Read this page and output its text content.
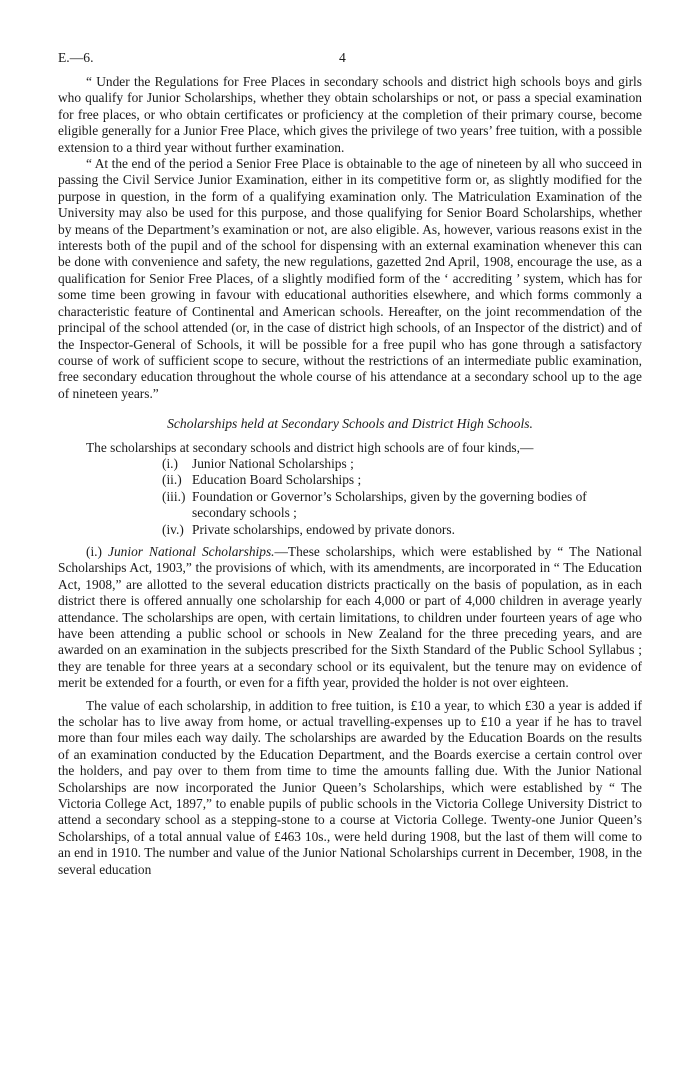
E.—6.	4

“ Under the Regulations for Free Places in secondary schools and district high schools boys and girls who qualify for Junior Scholarships, whether they obtain scholarships or not, or pass a special examination for free places, or who obtain certificates or proficiency at the completion of their primary course, become eligible generally for a Junior Free Place, which gives the privilege of two years’ free tuition, with a possible extension to a third year without further examination.

“ At the end of the period a Senior Free Place is obtainable to the age of nineteen by all who succeed in passing the Civil Service Junior Examination, either in its competitive form or, as slightly modified for the purpose in question, in the form of a qualifying examination only. The Matriculation Examination of the University may also be used for this purpose, and those qualifying for Senior Board Scholarships, whether by means of the Department’s examination or not, are also eligible. As, however, various reasons exist in the interests both of the pupil and of the school for dispensing with an external examination whenever this can be done with convenience and safety, the new regulations, gazetted 2nd April, 1908, encourage the use, as a qualification for Senior Free Places, of a slightly modified form of the ‘ accrediting ’ system, which has for some time been growing in favour with educational authorities elsewhere, and which forms commonly a characteristic feature of Continental and American schools. Hereafter, on the joint recommendation of the principal of the school attended (or, in the case of district high schools, of an Inspector of the district) and of the Inspector-General of Schools, it will be possible for a free pupil who has gone through a satisfactory course of work of sufficient scope to secure, without the restrictions of an intermediate public examination, free secondary education throughout the whole course of his attendance at a secondary school up to the age of nineteen years.”

Scholarships held at Secondary Schools and District High Schools.

The scholarships at secondary schools and district high schools are of four kinds,—

(i.) Junior National Scholarships ;
(ii.) Education Board Scholarships ;
(iii.) Foundation or Governor’s Scholarships, given by the governing bodies of secondary schools ;
(iv.) Private scholarships, endowed by private donors.

(i.) Junior National Scholarships.—These scholarships, which were established by “ The National Scholarships Act, 1903,” the provisions of which, with its amendments, are incorporated in “ The Education Act, 1908,” are allotted to the several education districts practically on the basis of population, as in each district there is offered annually one scholarship for each 4,000 or part of 4,000 children in average yearly attendance. The scholarships are open, with certain limitations, to children under fourteen years of age who have been attending a public school or schools in New Zealand for the three preceding years, and are awarded on an examination in the subjects prescribed for the Sixth Standard of the Public School Syllabus ; they are tenable for three years at a secondary school or its equivalent, but the tenure may on evidence of merit be extended for a fourth, or even for a fifth year, provided the holder is not over eighteen.

The value of each scholarship, in addition to free tuition, is £10 a year, to which £30 a year is added if the scholar has to live away from home, or actual travelling-expenses up to £10 a year if he has to travel more than four miles each way daily. The scholarships are awarded by the Education Boards on the results of an examination conducted by the Education Department, and the Boards exercise a certain control over the holders, and pay over to them from time to time the amounts falling due. With the Junior National Scholarships are now incorporated the Junior Queen’s Scholarships, which were established by “ The Victoria College Act, 1897,” to enable pupils of public schools in the Victoria College University District to attend a secondary school as a stepping-stone to a course at Victoria College. Twenty-one Junior Queen’s Scholarships, of a total annual value of £463 10s., were held during 1908, but the last of them will come to an end in 1910. The number and value of the Junior National Scholarships current in December, 1908, in the several education
